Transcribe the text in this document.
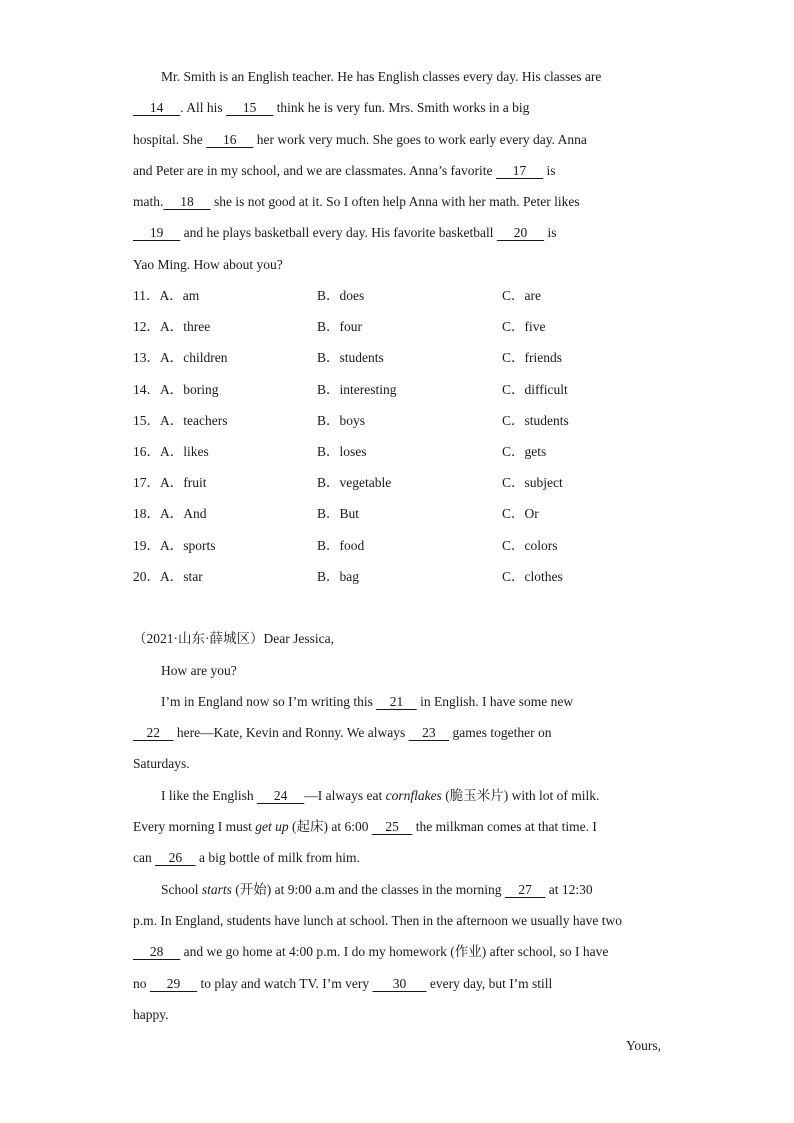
Mr. Smith is an English teacher. He has English classes every day. His classes are
14     . All his      15      think he is very fun. Mrs. Smith works in a big
hospital. She      16      her work very much. She goes to work early every day. Anna
and Peter are in my school, and we are classmates. Anna’s favorite      17      is
math.     18      she is not good at it. So I often help Anna with her math. Peter likes
19      and he plays basketball every day. His favorite basketball      20      is
Yao Ming. How about you?
11．A．am	B．does	C．are
12．A．three	B．four	C．five
13．A．children	B．students	C．friends
14．A．boring	B．interesting	C．difficult
15．A．teachers	B．boys	C．students
16．A．likes	B．loses	C．gets
17．A．fruit	B．vegetable	C．subject
18．A．And	B．But	C．Or
19．A．sports	B．food	C．colors
20．A．star	B．bag	C．clothes
（2021·山东·薛城区）Dear Jessica,
How are you?
I’m in England now so I’m writing this     21     in English. I have some new
22     here—Kate, Kevin and Ronny. We always     23     games together on
Saturdays.
I like the English      24     —I always eat cornflakes (脆玉米片) with lot of milk.
Every morning I must get up (起床) at 6:00     25     the milkman comes at that time. I
can     26     a big bottle of milk from him.
School starts (开始) at 9:00 a.m and the classes in the morning     27     at 12:30
p.m. In England, students have lunch at school. Then in the afternoon we usually have two
28      and we go home at 4:00 p.m. I do my homework (作业) after school, so I have
no      29      to play and watch TV. I’m very       30       every day, but I’m still
happy.
Yours,
